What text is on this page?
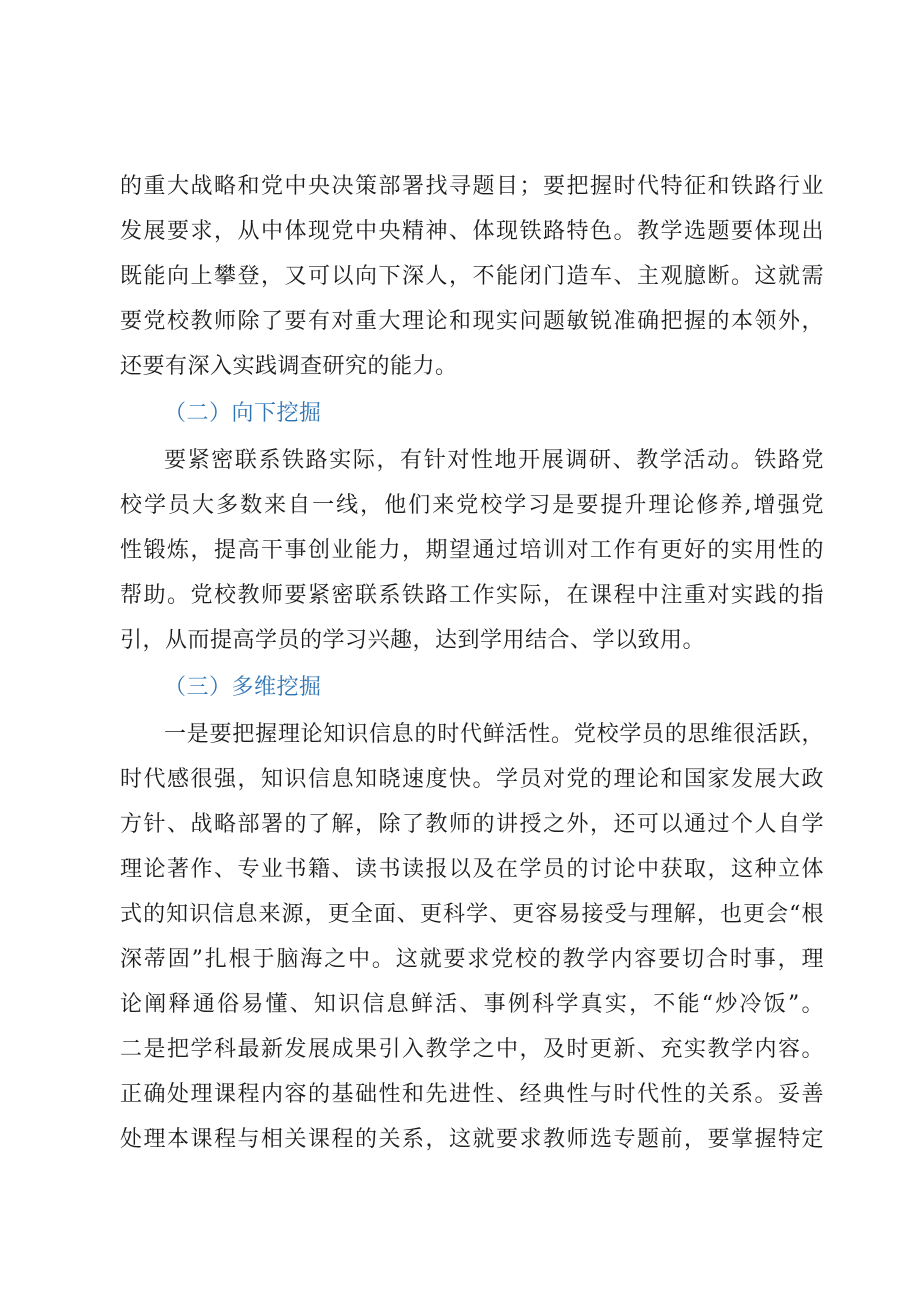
的重大战略和党中央决策部署找寻题目；要把握时代特征和铁路行业
发展要求，从中体现党中央精神、体现铁路特色。教学选题要体现出
既能向上攀登，又可以向下深人，不能闭门造车、主观臆断。这就需
要党校教师除了要有对重大理论和现实问题敏锐准确把握的本领外，
还要有深入实践调查研究的能力。
（二）向下挖掘
要紧密联系铁路实际，有针对性地开展调研、教学活动。铁路党
校学员大多数来自一线，他们来党校学习是要提升理论修养,增强党
性锻炼，提高干事创业能力，期望通过培训对工作有更好的实用性的
帮助。党校教师要紧密联系铁路工作实际，在课程中注重对实践的指
引，从而提高学员的学习兴趣，达到学用结合、学以致用。
（三）多维挖掘
一是要把握理论知识信息的时代鲜活性。党校学员的思维很活跃，
时代感很强，知识信息知晓速度快。学员对党的理论和国家发展大政
方针、战略部署的了解，除了教师的讲授之外，还可以通过个人自学
理论著作、专业书籍、读书读报以及在学员的讨论中获取，这种立体
式的知识信息来源，更全面、更科学、更容易接受与理解，也更会“根
深蒂固”扎根于脑海之中。这就要求党校的教学内容要切合时事，理
论阐释通俗易懂、知识信息鲜活、事例科学真实，不能“炒冷饭”。
二是把学科最新发展成果引入教学之中，及时更新、充实教学内容。
正确处理课程内容的基础性和先进性、经典性与时代性的关系。妥善
处理本课程与相关课程的关系，这就要求教师选专题前，要掌握特定
